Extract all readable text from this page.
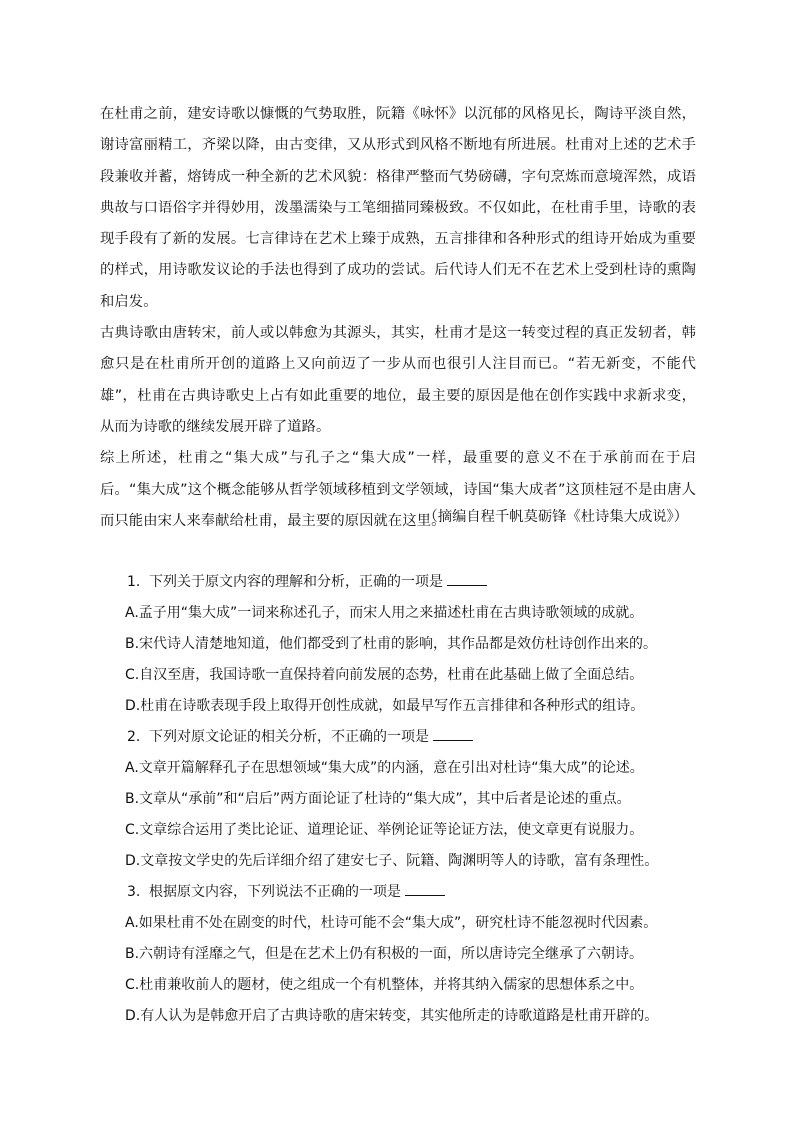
在杜甫之前，建安诗歌以慷慨的气势取胜，阮籍《咏怀》以沉郁的风格见长，陶诗平淡自然，谢诗富丽精工，齐梁以降，由古变律，又从形式到风格不断地有所进展。杜甫对上述的艺术手段兼收并蓄，熔铸成一种全新的艺术风貌：格律严整而气势磅礴，字句烹炼而意境浑然，成语典故与口语俗字并得妙用，泼墨濡染与工笔细描同臻极致。不仅如此，在杜甫手里，诗歌的表现手段有了新的发展。七言律诗在艺术上臻于成熟，五言排律和各种形式的组诗开始成为重要的样式，用诗歌发议论的手法也得到了成功的尝试。后代诗人们无不在艺术上受到杜诗的熏陶和启发。

古典诗歌由唐转宋，前人或以韩愈为其源头，其实，杜甫才是这一转变过程的真正发轫者，韩愈只是在杜甫所开创的道路上又向前迈了一步从而也很引人注目而已。“若无新变，不能代雄”，杜甫在古典诗歌史上占有如此重要的地位，最主要的原因是他在创作实践中求新求变，从而为诗歌的继续发展开辟了道路。

综上所述，杜甫之“集大成”与孔子之“集大成”一样，最重要的意义不在于承前而在于启后。“集大成”这个概念能够从哲学领域移植到文学领域，诗国“集大成者”这顶桂冠不是由唐人而只能由宋人来奉献给杜甫，最主要的原因就在这里。

（摘编自程千帆莫砺锋《杜诗集大成说》）
1. 下列关于原文内容的理解和分析，正确的一项是
A.孟子用“集大成”一词来称述孔子，而宋人用之来描述杜甫在古典诗歌领域的成就。
B.宋代诗人清楚地知道，他们都受到了杜甫的影响，其作品都是效仿杜诗创作出来的。
C.自汉至唐，我国诗歌一直保持着向前发展的态势，杜甫在此基础上做了全面总结。
D.杜甫在诗歌表现手段上取得开创性成就，如最早写作五言排律和各种形式的组诗。
2. 下列对原文论证的相关分析，不正确的一项是
A.文章开篇解释孔子在思想领域“集大成”的内涵，意在引出对杜诗“集大成”的论述。
B.文章从“承前”和“启后”两方面论证了杜诗的“集大成”，其中后者是论述的重点。
C.文章综合运用了类比论证、道理论证、举例论证等论证方法，使文章更有说服力。
D.文章按文学史的先后详细介绍了建安七子、阮籍、陶渊明等人的诗歌，富有条理性。
3. 根据原文内容，下列说法不正确的一项是
A.如果杜甫不处在剧变的时代，杜诗可能不会“集大成”，研究杜诗不能忽视时代因素。
B.六朝诗有淫靡之气，但是在艺术上仍有积极的一面，所以唐诗完全继承了六朝诗。
C.杜甫兼收前人的题材，使之组成一个有机整体，并将其纳入儒家的思想体系之中。
D.有人认为是韩愈开启了古典诗歌的唐宋转变，其实他所走的诗歌道路是杜甫开辟的。
